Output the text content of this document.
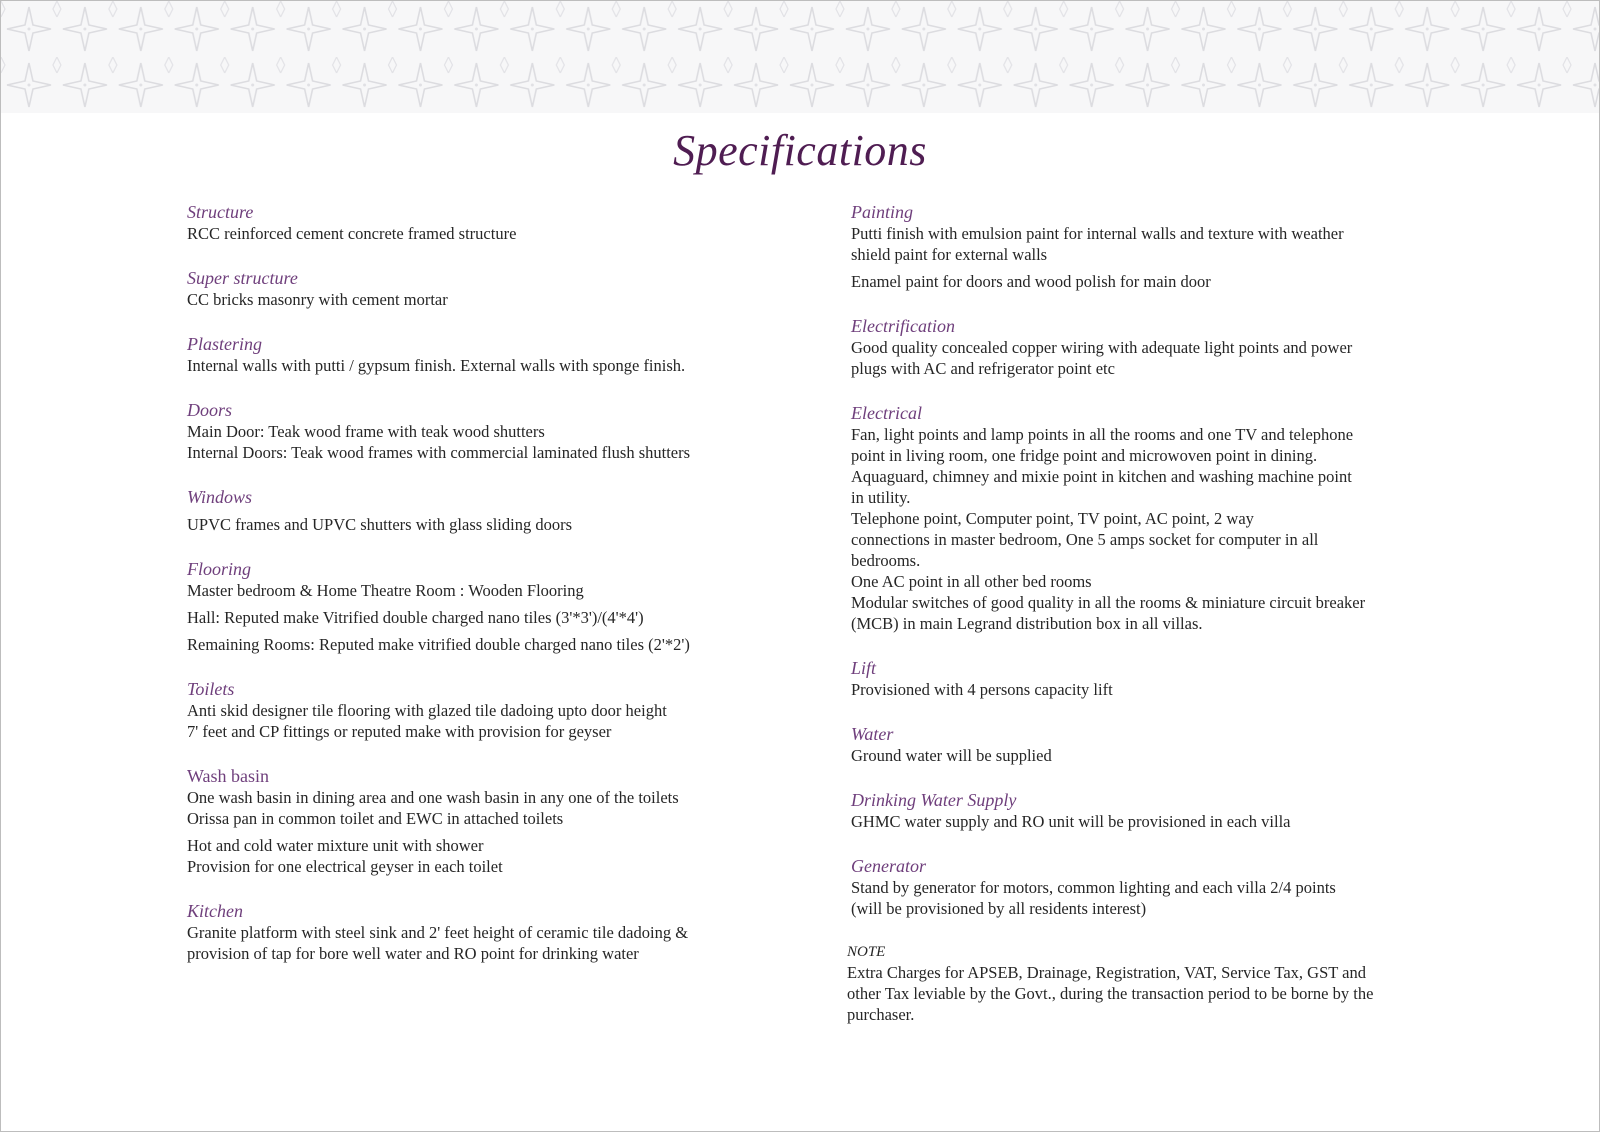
Specifications
Structure
RCC reinforced cement concrete framed structure
Super structure
CC bricks masonry with cement mortar
Plastering
Internal walls with putti / gypsum finish. External walls with sponge finish.
Doors
Main Door: Teak wood frame with teak wood shutters
Internal Doors: Teak wood frames with commercial laminated flush shutters
Windows
UPVC frames and UPVC shutters with glass sliding doors
Flooring
Master bedroom & Home Theatre Room : Wooden Flooring
Hall: Reputed make Vitrified double charged nano tiles (3'*3')/(4'*4')
Remaining Rooms: Reputed make vitrified double charged nano tiles (2'*2')
Toilets
Anti skid designer tile flooring with glazed tile dadoing upto door height
7' feet and CP fittings or reputed make with provision for geyser
Wash basin
One wash basin in dining area and one wash basin in any one of the toilets
Orissa pan in common toilet and EWC in attached toilets
Hot and cold water mixture unit with shower
Provision for one electrical geyser in each toilet
Kitchen
Granite platform with steel sink and 2' feet height of ceramic tile dadoing &
provision of tap for bore well water and RO point for drinking water
Painting
Putti finish with emulsion paint for internal walls and texture with weather
shield paint for external walls
Enamel paint for doors and wood polish for main door
Electrification
Good quality concealed copper wiring with adequate light points and power
plugs with AC and refrigerator point etc
Electrical
Fan, light points and lamp points in all the rooms and one TV and telephone
point in living room, one fridge point and microwoven point in dining.
Aquaguard, chimney and mixie point in kitchen and washing machine point
in utility.
Telephone point, Computer point, TV point, AC point, 2 way
connections in master bedroom, One 5 amps socket for computer in all
bedrooms.
One AC point in all other bed rooms
Modular switches of good quality in all the rooms & miniature circuit breaker
(MCB) in main Legrand distribution box in all villas.
Lift
Provisioned with 4 persons capacity lift
Water
Ground water will be supplied
Drinking Water Supply
GHMC water supply and RO unit will be provisioned in each villa
Generator
Stand by generator for motors, common lighting and each villa 2/4 points
(will be provisioned by all residents interest)
NOTE
Extra Charges for APSEB, Drainage, Registration, VAT, Service Tax, GST and
other Tax leviable by the Govt., during the transaction period to be borne by the
purchaser.
